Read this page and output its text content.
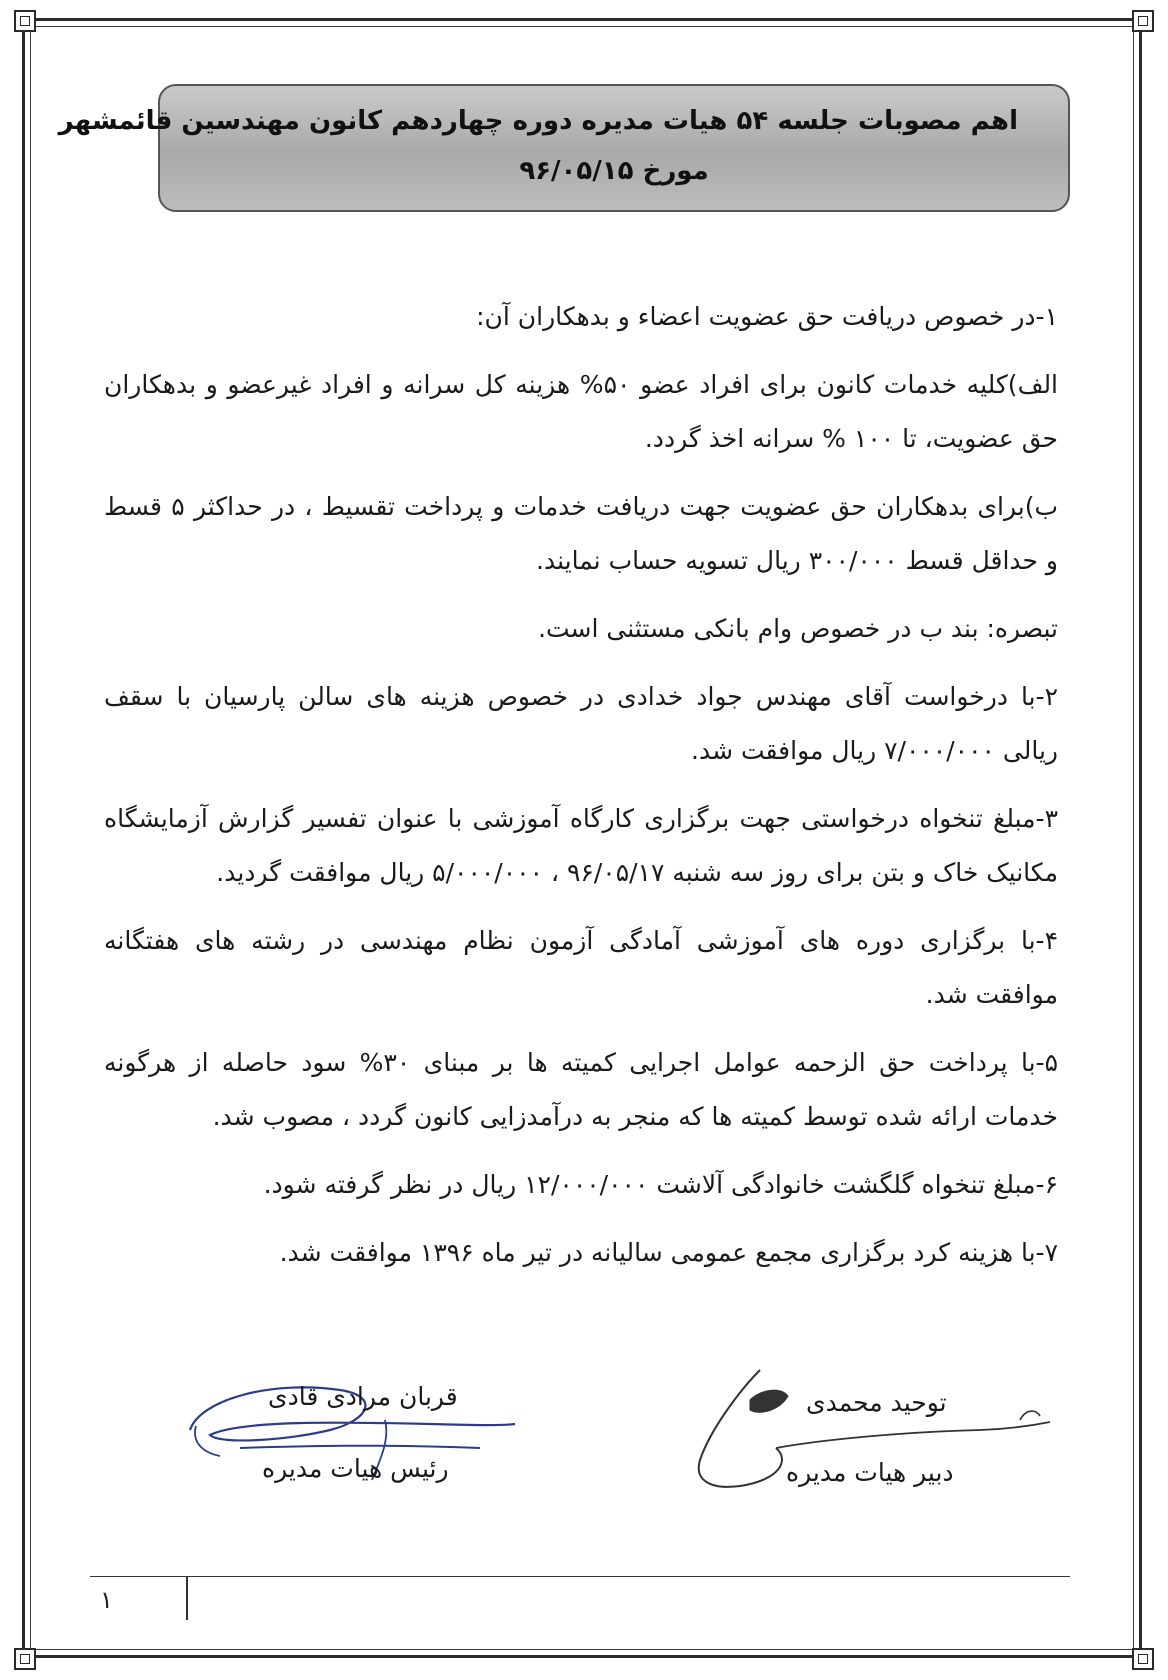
اهم مصوبات جلسه ۵۴ هیات مدیره دوره چهاردهم کانون مهندسین قائمشهر
مورخ ۹۶/۰۵/۱۵

۱-در خصوص دریافت حق عضویت اعضاء و بدهکاران آن:

الف)کلیه خدمات کانون برای افراد عضو ۵۰% هزینه کل سرانه و افراد غیرعضو و بدهکاران
حق عضویت، تا ۱۰۰ % سرانه اخذ گردد.

ب)برای بدهکاران حق عضویت جهت دریافت خدمات و پرداخت تقسیط ، در حداکثر ۵ قسط
و حداقل قسط ۳۰۰/۰۰۰ ریال تسویه حساب نمایند.

تبصره: بند ب در خصوص وام بانکی مستثنی است.

۲-با درخواست آقای مهندس جواد خدادی در خصوص هزینه های سالن پارسیان با سقف
ریالی ۷/۰۰۰/۰۰۰ ریال موافقت شد.

۳-مبلغ تنخواه درخواستی جهت برگزاری کارگاه آموزشی با عنوان تفسیر گزارش آزمایشگاه
مکانیک خاک و بتن برای روز سه شنبه ۹۶/۰۵/۱۷ ، ۵/۰۰۰/۰۰۰ ریال موافقت گردید.

۴-با برگزاری دوره های آموزشی آمادگی آزمون نظام مهندسی در رشته های هفتگانه
موافقت شد.

۵-با پرداخت حق الزحمه عوامل اجرایی کمیته ها بر مبنای ۳۰% سود حاصله از هرگونه
خدمات ارائه شده توسط کمیته ها که منجر به درآمدزایی کانون گردد ، مصوب شد.

۶-مبلغ تنخواه گلگشت خانوادگی آلاشت ۱۲/۰۰۰/۰۰۰ ریال در نظر گرفته شود.

۷-با هزینه کرد برگزاری مجمع عمومی سالیانه در تیر ماه ۱۳۹۶ موافقت شد.

قربان مرادی قادی
رئیس هیات مدیره
توحید محمدی
دبیر هیات مدیره
۱
